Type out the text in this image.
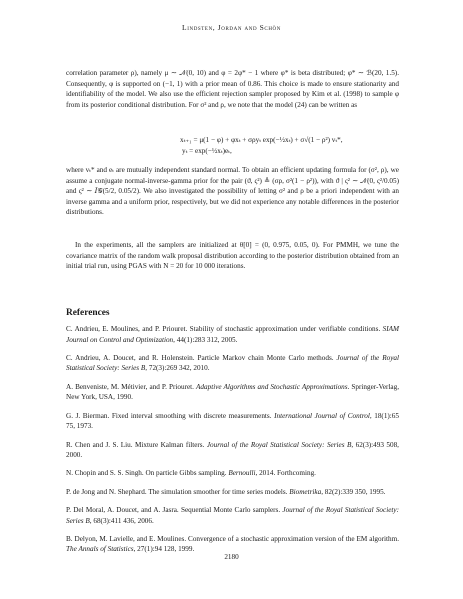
Lindsten, Jordan and Schön

correlation parameter ρ), namely μ ∼ 𝒩(0, 10) and φ = 2φ* − 1 where φ* is beta distributed; φ* ∼ ℬ(20, 1.5). Consequently, φ is supported on (−1, 1) with a prior mean of 0.86. This choice is made to ensure stationarity and identifiability of the model. We also use the efficient rejection sampler proposed by Kim et al. (1998) to sample φ from its posterior conditional distribution. For σ² and ρ, we note that the model (24) can be written as

xₜ₊₁ = μ(1 − φ) + φxₜ + σρyₜ exp(−½xₜ) + σ√(1 − ρ²) vₜ*,
yₜ = exp(−½xₜ)eₜ,

where vₜ* and eₜ are mutually independent standard normal. To obtain an efficient updating formula for (σ², ρ), we assume a conjugate normal-inverse-gamma prior for the pair (ϑ, ς²) ≜ (σρ, σ²(1 − ρ²)), with ϑ | ς² ∼ 𝒩(0, ς²/0.05) and ς² ∼ 𝐼𝒢(5/2, 0.05/2). We also investigated the possibility of letting σ² and ρ be a priori independent with an inverse gamma and a uniform prior, respectively, but we did not experience any notable differences in the posterior distributions.

In the experiments, all the samplers are initialized at θ[0] = (0, 0.975, 0.05, 0). For PMMH, we tune the covariance matrix of the random walk proposal distribution according to the posterior distribution obtained from an initial trial run, using PGAS with N = 20 for 10 000 iterations.

References

C. Andrieu, E. Moulines, and P. Priouret. Stability of stochastic approximation under verifiable conditions. SIAM Journal on Control and Optimization, 44(1):283 312, 2005.

C. Andrieu, A. Doucet, and R. Holenstein. Particle Markov chain Monte Carlo methods. Journal of the Royal Statistical Society: Series B, 72(3):269 342, 2010.

A. Benveniste, M. Métivier, and P. Priouret. Adaptive Algorithms and Stochastic Approximations. Springer-Verlag, New York, USA, 1990.

G. J. Bierman. Fixed interval smoothing with discrete measurements. International Journal of Control, 18(1):65 75, 1973.

R. Chen and J. S. Liu. Mixture Kalman filters. Journal of the Royal Statistical Society: Series B, 62(3):493 508, 2000.

N. Chopin and S. S. Singh. On particle Gibbs sampling. Bernoulli, 2014. Forthcoming.

P. de Jong and N. Shephard. The simulation smoother for time series models. Biometrika, 82(2):339 350, 1995.

P. Del Moral, A. Doucet, and A. Jasra. Sequential Monte Carlo samplers. Journal of the Royal Statistical Society: Series B, 68(3):411 436, 2006.

B. Delyon, M. Lavielle, and E. Moulines. Convergence of a stochastic approximation version of the EM algorithm. The Annals of Statistics, 27(1):94 128, 1999.

2180
